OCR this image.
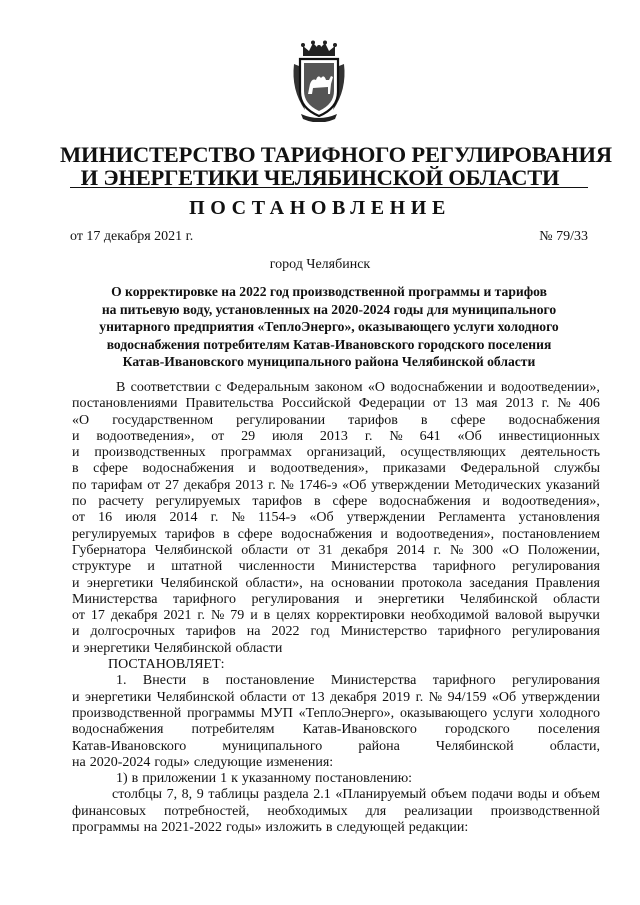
МИНИСТЕРСТВО ТАРИФНОГО РЕГУЛИРОВАНИЯ
И ЭНЕРГЕТИКИ ЧЕЛЯБИНСКОЙ ОБЛАСТИ
ПОСТАНОВЛЕНИЕ
от 17 декабря 2021 г.	№ 79/33
город Челябинск
О корректировке на 2022 год производственной программы и тарифов
на питьевую воду, установленных на 2020-2024 годы для муниципального
унитарного предприятия «ТеплоЭнерго», оказывающего услуги холодного
водоснабжения потребителям Катав-Ивановского городского поселения
Катав-Ивановского муниципального района Челябинской области
В соответствии с Федеральным законом «О водоснабжении и водоотведении»,
постановлениями Правительства Российской Федерации от 13 мая 2013 г. № 406
«О государственном регулировании тарифов в сфере водоснабжения
и водоотведения», от 29 июля 2013 г. № 641 «Об инвестиционных
и производственных программах организаций, осуществляющих деятельность
в сфере водоснабжения и водоотведения», приказами Федеральной службы
по тарифам от 27 декабря 2013 г. № 1746-э «Об утверждении Методических указаний
по расчету регулируемых тарифов в сфере водоснабжения и водоотведения»,
от 16 июля 2014 г. № 1154-э «Об утверждении Регламента установления
регулируемых тарифов в сфере водоснабжения и водоотведения», постановлением
Губернатора Челябинской области от 31 декабря 2014 г. № 300 «О Положении,
структуре и штатной численности Министерства тарифного регулирования
и энергетики Челябинской области», на основании протокола заседания Правления
Министерства тарифного регулирования и энергетики Челябинской области
от 17 декабря 2021 г. № 79 и в целях корректировки необходимой валовой выручки
и долгосрочных тарифов на 2022 год Министерство тарифного регулирования
и энергетики Челябинской области
ПОСТАНОВЛЯЕТ:
1. Внести в постановление Министерства тарифного регулирования
и энергетики Челябинской области от 13 декабря 2019 г. № 94/159 «Об утверждении
производственной программы МУП «ТеплоЭнерго», оказывающего услуги холодного
водоснабжения потребителям Катав-Ивановского городского поселения
Катав-Ивановского	муниципального	района	Челябинской	области,
на 2020-2024 годы» следующие изменения:
1) в приложении 1 к указанному постановлению:
столбцы 7, 8, 9 таблицы раздела 2.1 «Планируемый объем подачи воды и объем
финансовых потребностей, необходимых для реализации производственной
программы на 2021-2022 годы» изложить в следующей редакции:
